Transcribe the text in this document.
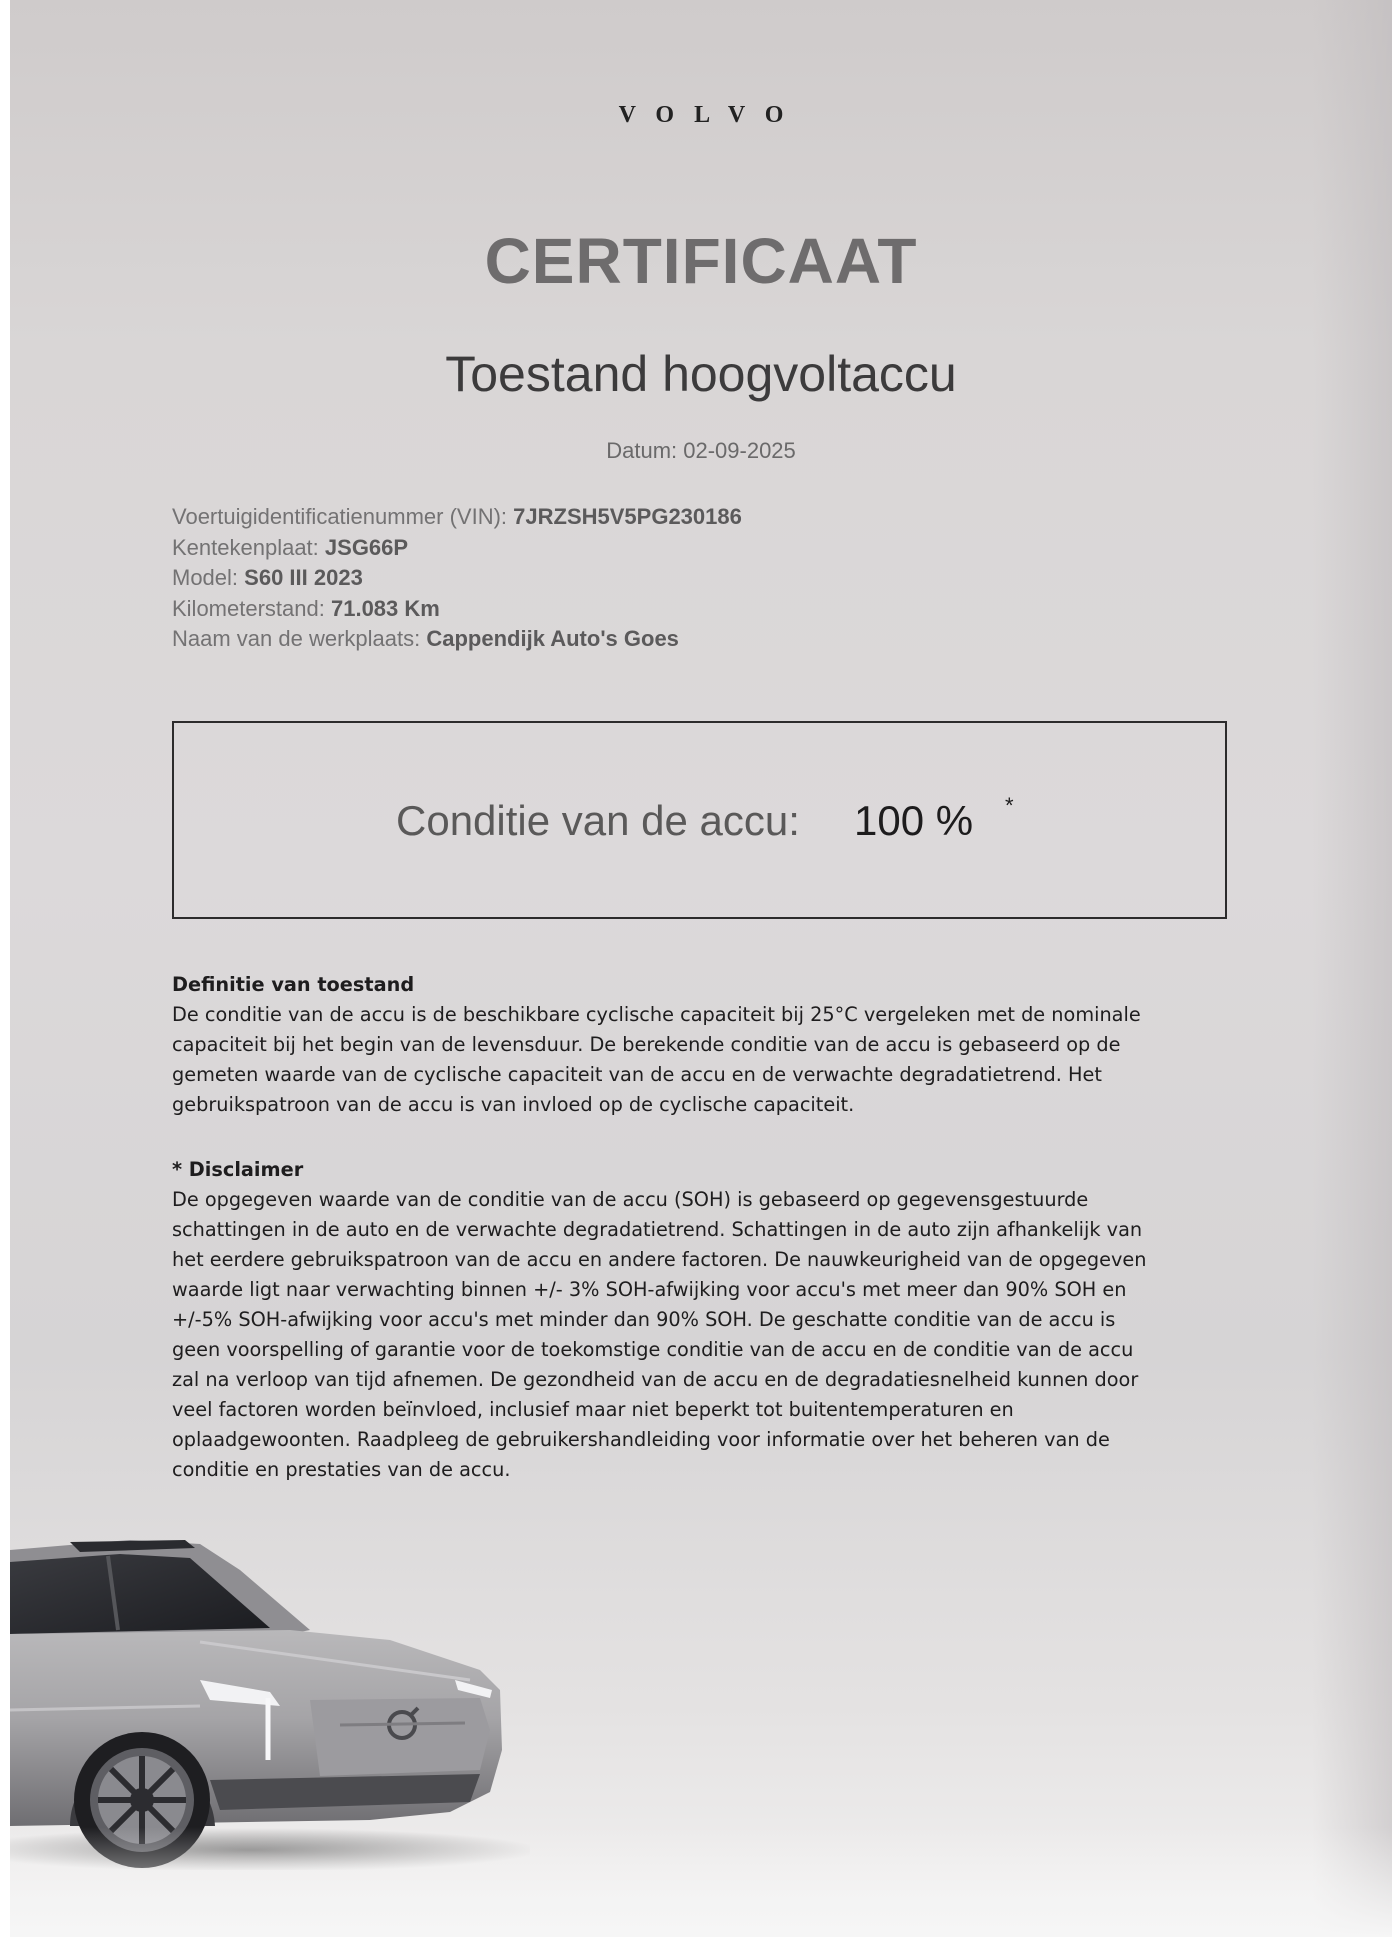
VOLVO
CERTIFICAAT
Toestand hoogvoltaccu
Datum: 02-09-2025
Voertuigidentificatienummer (VIN): 7JRZSH5V5PG230186
Kentekenplaat: JSG66P
Model: S60 III 2023
Kilometerstand: 71.083 Km
Naam van de werkplaats: Cappendijk Auto's Goes
Conditie van de accu: 100 % *
Definitie van toestand
De conditie van de accu is de beschikbare cyclische capaciteit bij 25°C vergeleken met de nominale
capaciteit bij het begin van de levensduur. De berekende conditie van de accu is gebaseerd op de
gemeten waarde van de cyclische capaciteit van de accu en de verwachte degradatietrend. Het
gebruikspatroon van de accu is van invloed op de cyclische capaciteit.
* Disclaimer
De opgegeven waarde van de conditie van de accu (SOH) is gebaseerd op gegevensgestuurde
schattingen in de auto en de verwachte degradatietrend. Schattingen in de auto zijn afhankelijk van
het eerdere gebruikspatroon van de accu en andere factoren. De nauwkeurigheid van de opgegeven
waarde ligt naar verwachting binnen +/- 3% SOH-afwijking voor accu's met meer dan 90% SOH en
+/-5% SOH-afwijking voor accu's met minder dan 90% SOH. De geschatte conditie van de accu is
geen voorspelling of garantie voor de toekomstige conditie van de accu en de conditie van de accu
zal na verloop van tijd afnemen. De gezondheid van de accu en de degradatiesnelheid kunnen door
veel factoren worden beïnvloed, inclusief maar niet beperkt tot buitentemperaturen en
oplaadgewoonten. Raadpleeg de gebruikershandleiding voor informatie over het beheren van de
conditie en prestaties van de accu.
